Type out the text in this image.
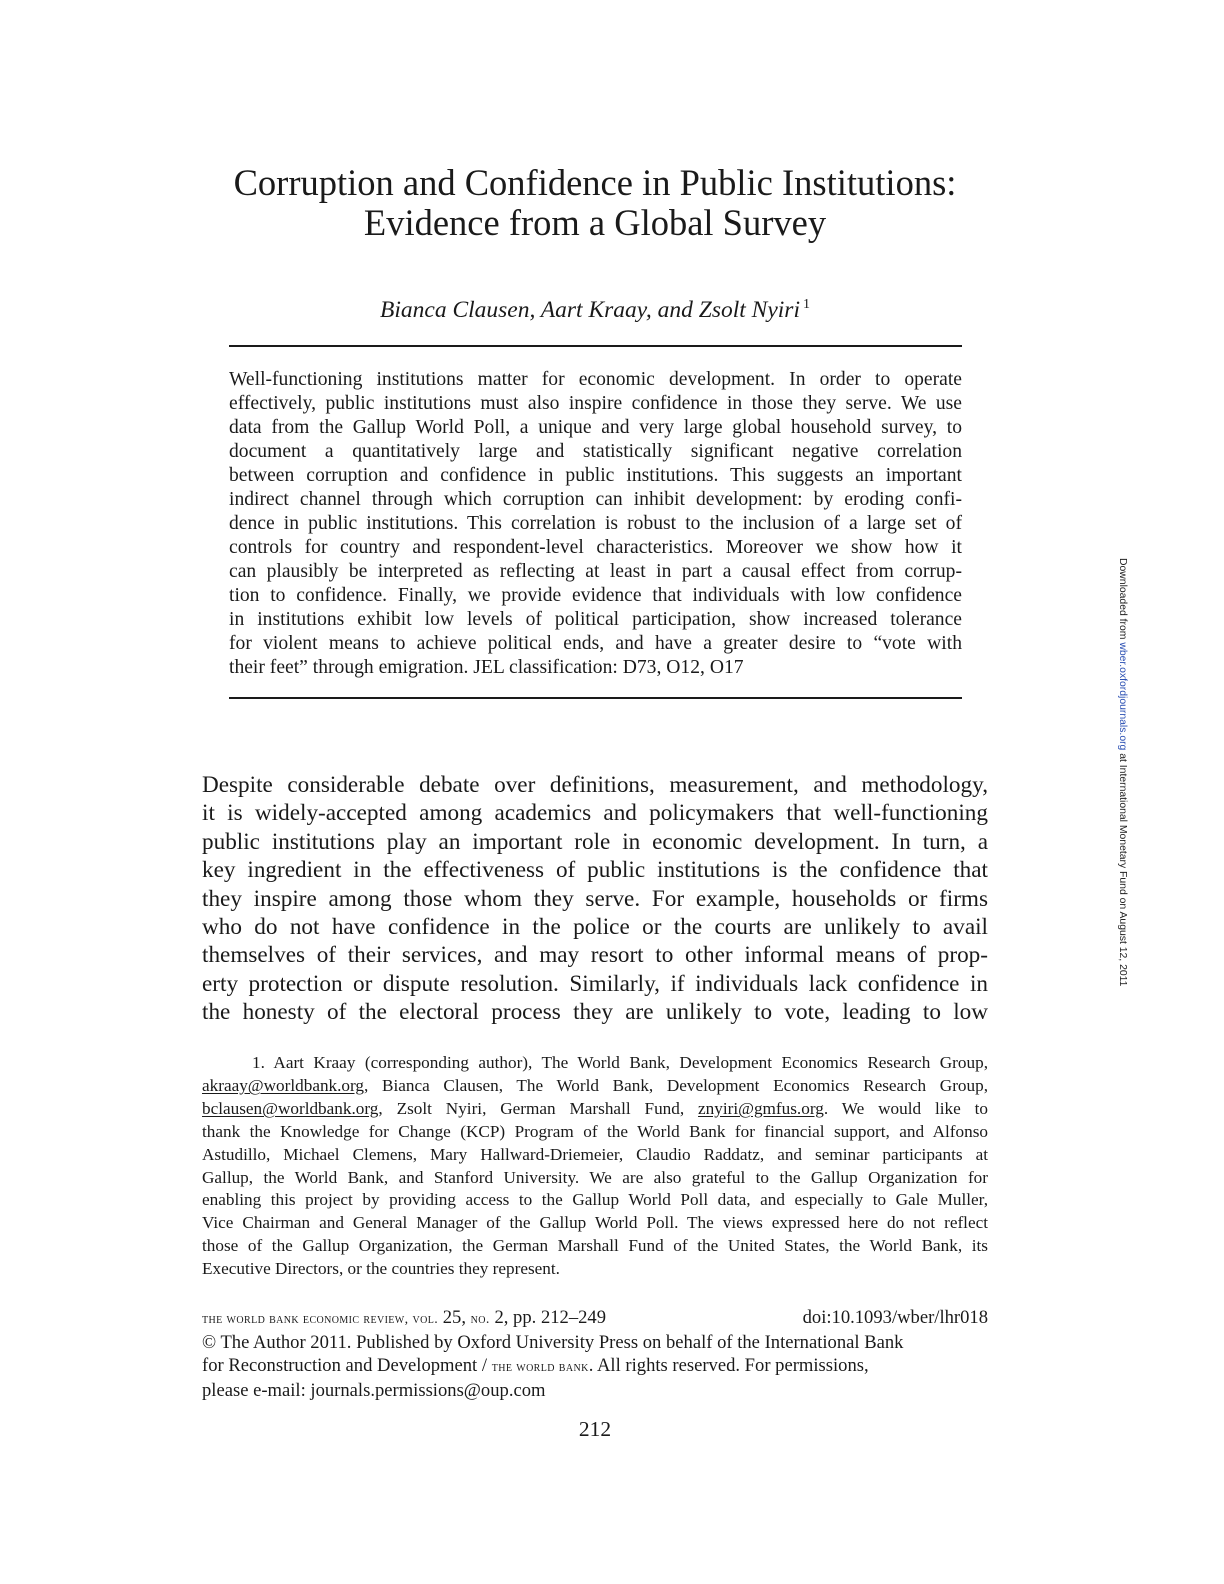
Corruption and Confidence in Public Institutions:
Evidence from a Global Survey
Bianca Clausen, Aart Kraay, and Zsolt Nyiri $^1$
Well-functioning institutions matter for economic development. In order to operate
effectively, public institutions must also inspire confidence in those they serve. We use
data from the Gallup World Poll, a unique and very large global household survey, to
document a quantitatively large and statistically significant negative correlation
between corruption and confidence in public institutions. This suggests an important
indirect channel through which corruption can inhibit development: by eroding confi-
dence in public institutions. This correlation is robust to the inclusion of a large set of
controls for country and respondent-level characteristics. Moreover we show how it
can plausibly be interpreted as reflecting at least in part a causal effect from corrup-
tion to confidence. Finally, we provide evidence that individuals with low confidence
in institutions exhibit low levels of political participation, show increased tolerance
for violent means to achieve political ends, and have a greater desire to “vote with
their feet” through emigration. JEL classification: D73, O12, O17
Despite considerable debate over definitions, measurement, and methodology,
it is widely-accepted among academics and policymakers that well-functioning
public institutions play an important role in economic development. In turn, a
key ingredient in the effectiveness of public institutions is the confidence that
they inspire among those whom they serve. For example, households or firms
who do not have confidence in the police or the courts are unlikely to avail
themselves of their services, and may resort to other informal means of prop-
erty protection or dispute resolution. Similarly, if individuals lack confidence in
the honesty of the electoral process they are unlikely to vote, leading to low
1. Aart Kraay (corresponding author), The World Bank, Development Economics Research Group,
akraay@worldbank.org, Bianca Clausen, The World Bank, Development Economics Research Group,
bclausen@worldbank.org, Zsolt Nyiri, German Marshall Fund, znyiri@gmfus.org. We would like to
thank the Knowledge for Change (KCP) Program of the World Bank for financial support, and Alfonso
Astudillo, Michael Clemens, Mary Hallward-Driemeier, Claudio Raddatz, and seminar participants at
Gallup, the World Bank, and Stanford University. We are also grateful to the Gallup Organization for
enabling this project by providing access to the Gallup World Poll data, and especially to Gale Muller,
Vice Chairman and General Manager of the Gallup World Poll. The views expressed here do not reflect
those of the Gallup Organization, the German Marshall Fund of the United States, the World Bank, its
Executive Directors, or the countries they represent.
the world bank economic review, vol. 25, no. 2, pp. 212–249	doi:10.1093/wber/lhr018
© The Author 2011. Published by Oxford University Press on behalf of the International Bank
for Reconstruction and Development / the world bank. All rights reserved. For permissions,
please e-mail: journals.permissions@oup.com
212
Downloaded from wber.oxfordjournals.org at International Monetary Fund on August 12, 2011
